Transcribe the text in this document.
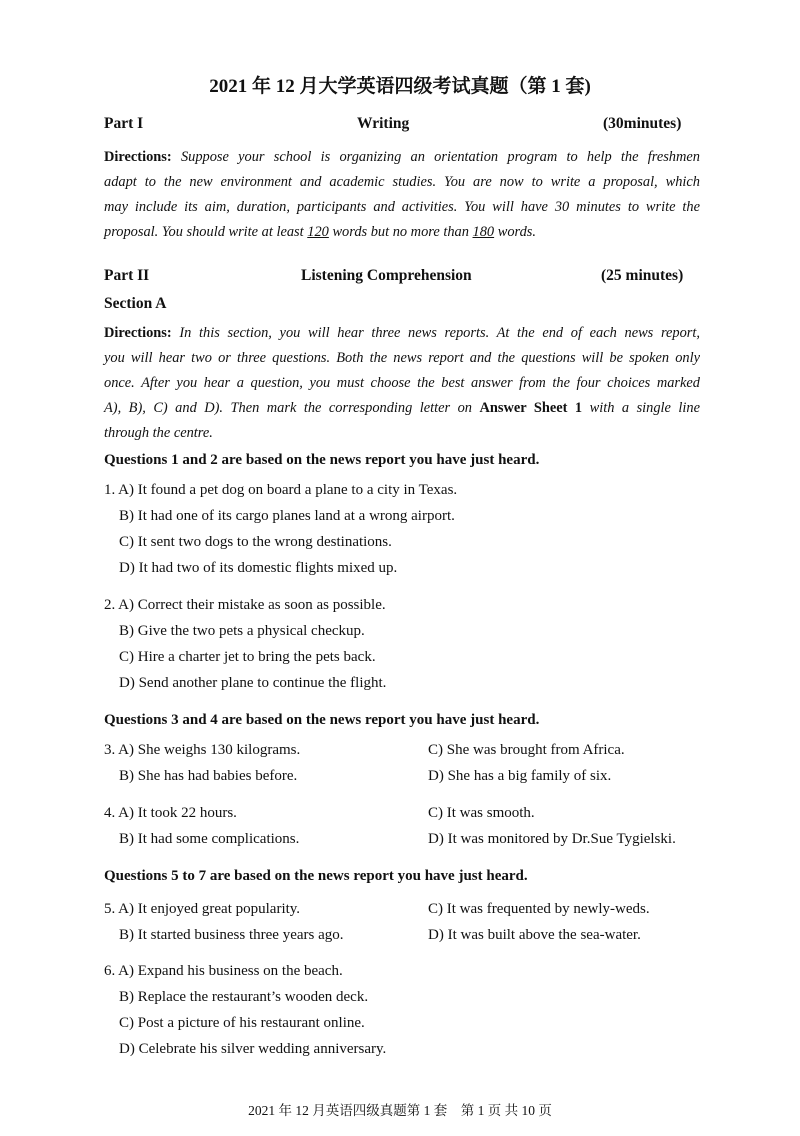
2021 年 12 月大学英语四级考试真题（第 1 套)
Part I	Writing	(30minutes)
Directions: Suppose your school is organizing an orientation program to help the freshmen
adapt to the new environment and academic studies. You are now to write a proposal, which
may include its aim, duration, participants and activities. You will have 30 minutes to write the
proposal. You should write at least 120 words but no more than 180 words.
Part II	Listening Comprehension	(25 minutes)
Section A
Directions: In this section, you will hear three news reports. At the end of each news report,
you will hear two or three questions. Both the news report and the questions will be spoken only
once. After you hear a question, you must choose the best answer from the four choices marked
A), B), C) and D). Then mark the corresponding letter on Answer Sheet 1 with a single line
through the centre.
Questions 1 and 2 are based on the news report you have just heard.
1. A) It found a pet dog on board a plane to a city in Texas.
B) It had one of its cargo planes land at a wrong airport.
C) It sent two dogs to the wrong destinations.
D) It had two of its domestic flights mixed up.
2. A) Correct their mistake as soon as possible.
B) Give the two pets a physical checkup.
C) Hire a charter jet to bring the pets back.
D) Send another plane to continue the flight.
Questions 3 and 4 are based on the news report you have just heard.
3. A) She weighs 130 kilograms.	C) She was brought from Africa.
B) She has had babies before.	D) She has a big family of six.
4. A) It took 22 hours.	C) It was smooth.
B) It had some complications.	D) It was monitored by Dr.Sue Tygielski.
Questions 5 to 7 are based on the news report you have just heard.
5. A) It enjoyed great popularity.	C) It was frequented by newly-weds.
B) It started business three years ago.	D) It was built above the sea-water.
6. A) Expand his business on the beach.
B) Replace the restaurant’s wooden deck.
C) Post a picture of his restaurant online.
D) Celebrate his silver wedding anniversary.
2021 年 12 月英语四级真题第 1 套　第 1 页 共 10 页
